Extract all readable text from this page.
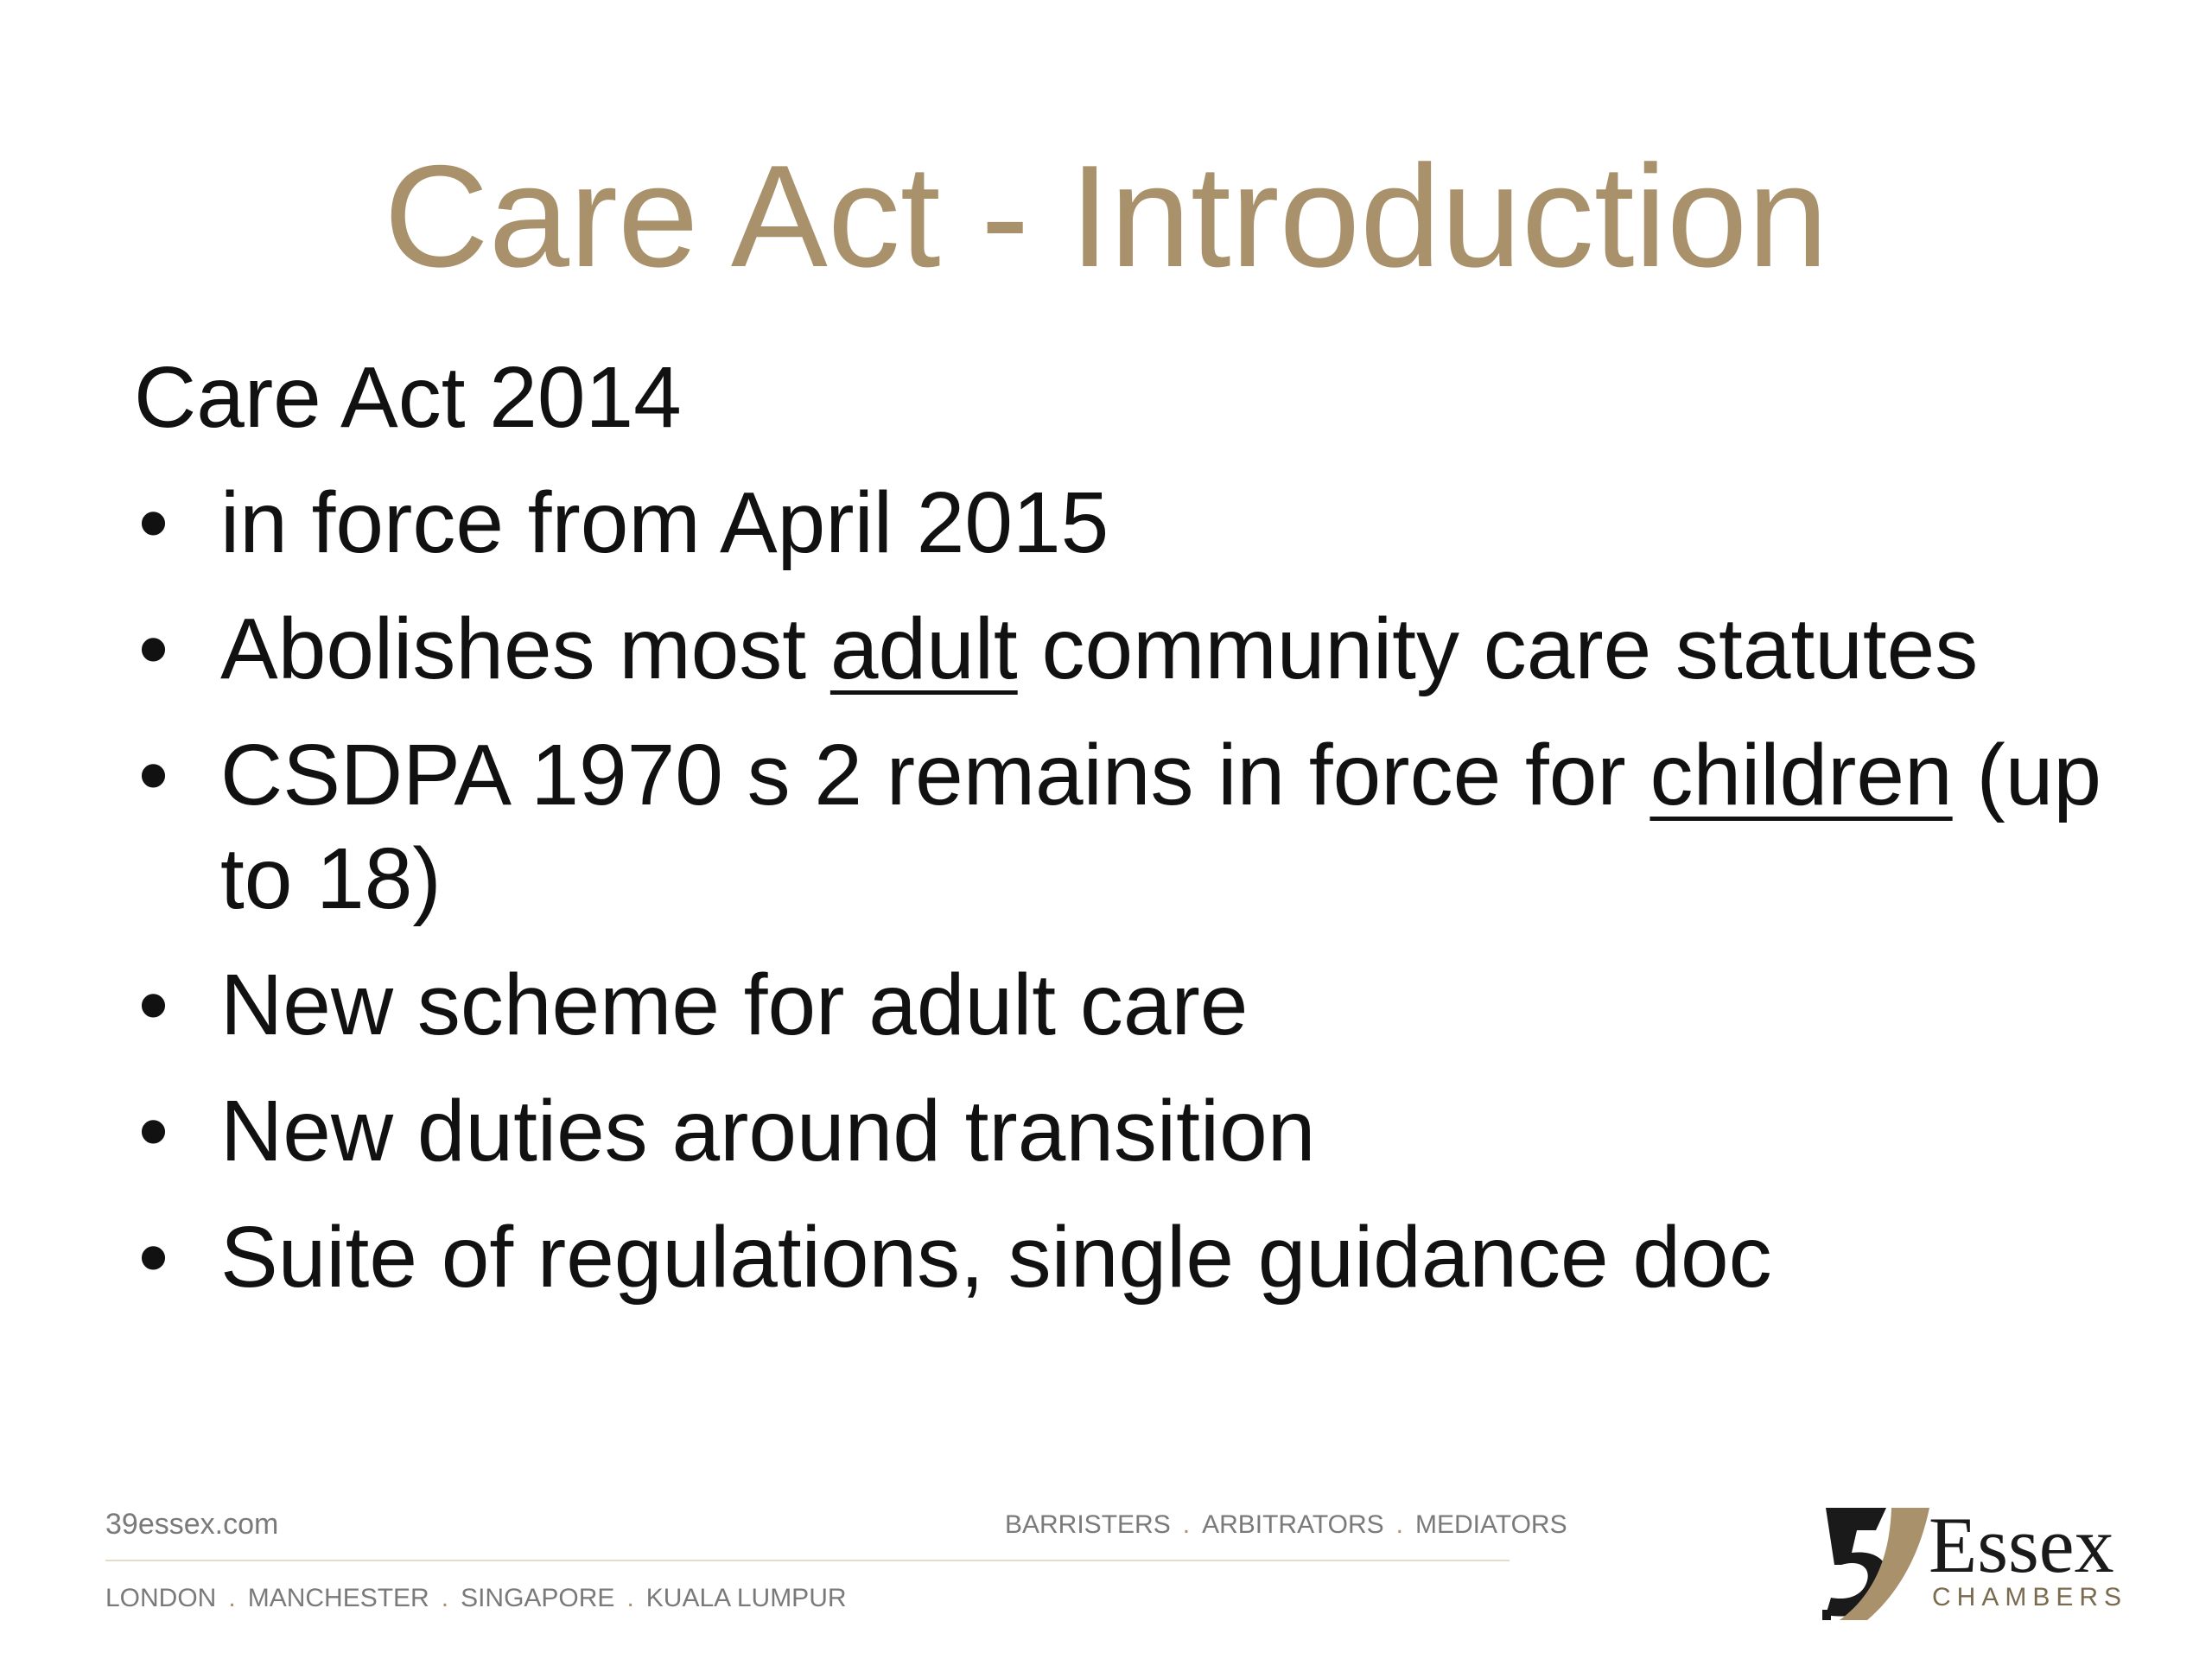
Care Act - Introduction
Care Act 2014
• in force from April 2015
• Abolishes most adult community care statutes
• CSDPA 1970 s 2 remains in force for children (up to 18)
• New scheme for adult care
• New duties around transition
• Suite of regulations, single guidance doc
39essex.com	BARRISTERS . ARBITRATORS . MEDIATORS
LONDON . MANCHESTER . SINGAPORE . KUALA LUMPUR
Essex
CHAMBERS
